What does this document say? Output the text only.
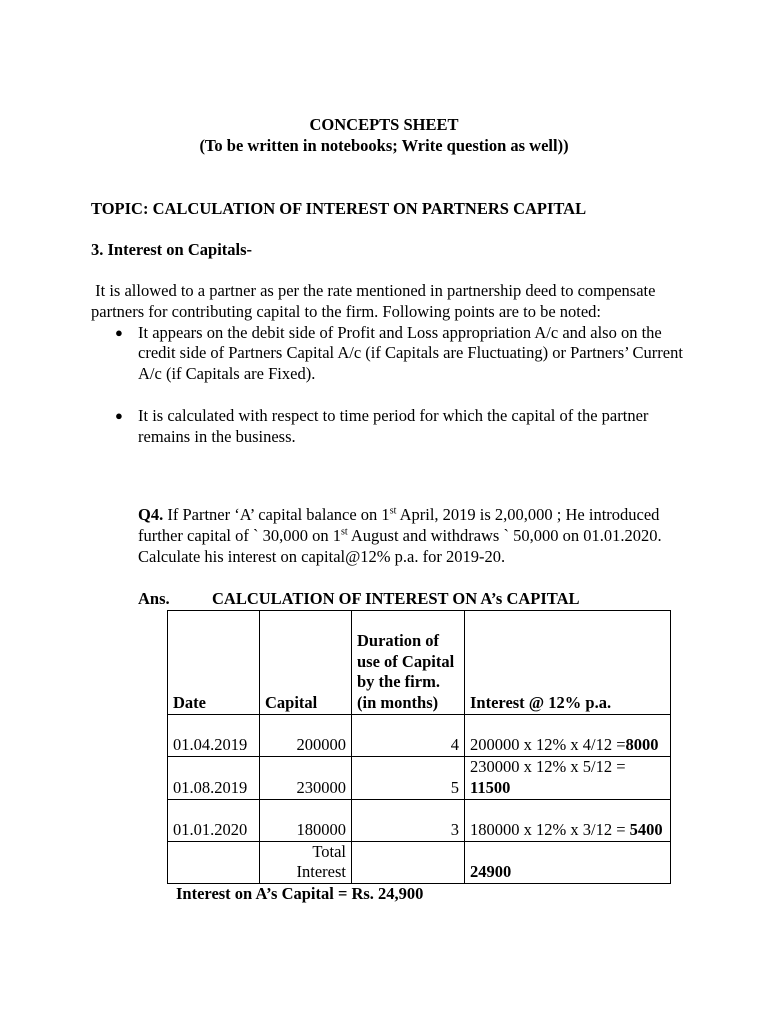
CONCEPTS SHEET
(To be written in notebooks; Write question as well))
TOPIC: CALCULATION OF INTEREST ON PARTNERS CAPITAL
3. Interest on Capitals-
It is allowed to a partner as per the rate mentioned in partnership deed to compensate partners for contributing capital to the firm. Following points are to be noted:
● It appears on the debit side of Profit and Loss appropriation A/c and also on the credit side of Partners Capital A/c (if Capitals are Fluctuating) or Partners’ Current A/c (if Capitals are Fixed).
● It is calculated with respect to time period for which the capital of the partner remains in the business.
Q4. If Partner ‘A’ capital balance on 1st April, 2019 is 2,00,000 ; He introduced further capital of ` 30,000 on 1st August and withdraws ` 50,000 on 01.01.2020. Calculate his interest on capital@12% p.a. for 2019-20.
Ans.	CALCULATION OF INTEREST ON A’s CAPITAL
Date	Capital	Duration of use of Capital by the firm. (in months)	Interest @ 12% p.a.
01.04.2019	200000	4	200000 x 12% x 4/12 =8000
01.08.2019	230000	5	230000 x 12% x 5/12 = 11500
01.01.2020	180000	3	180000 x 12% x 3/12 = 5400
	Total Interest		24900
Interest on A’s Capital = Rs. 24,900
